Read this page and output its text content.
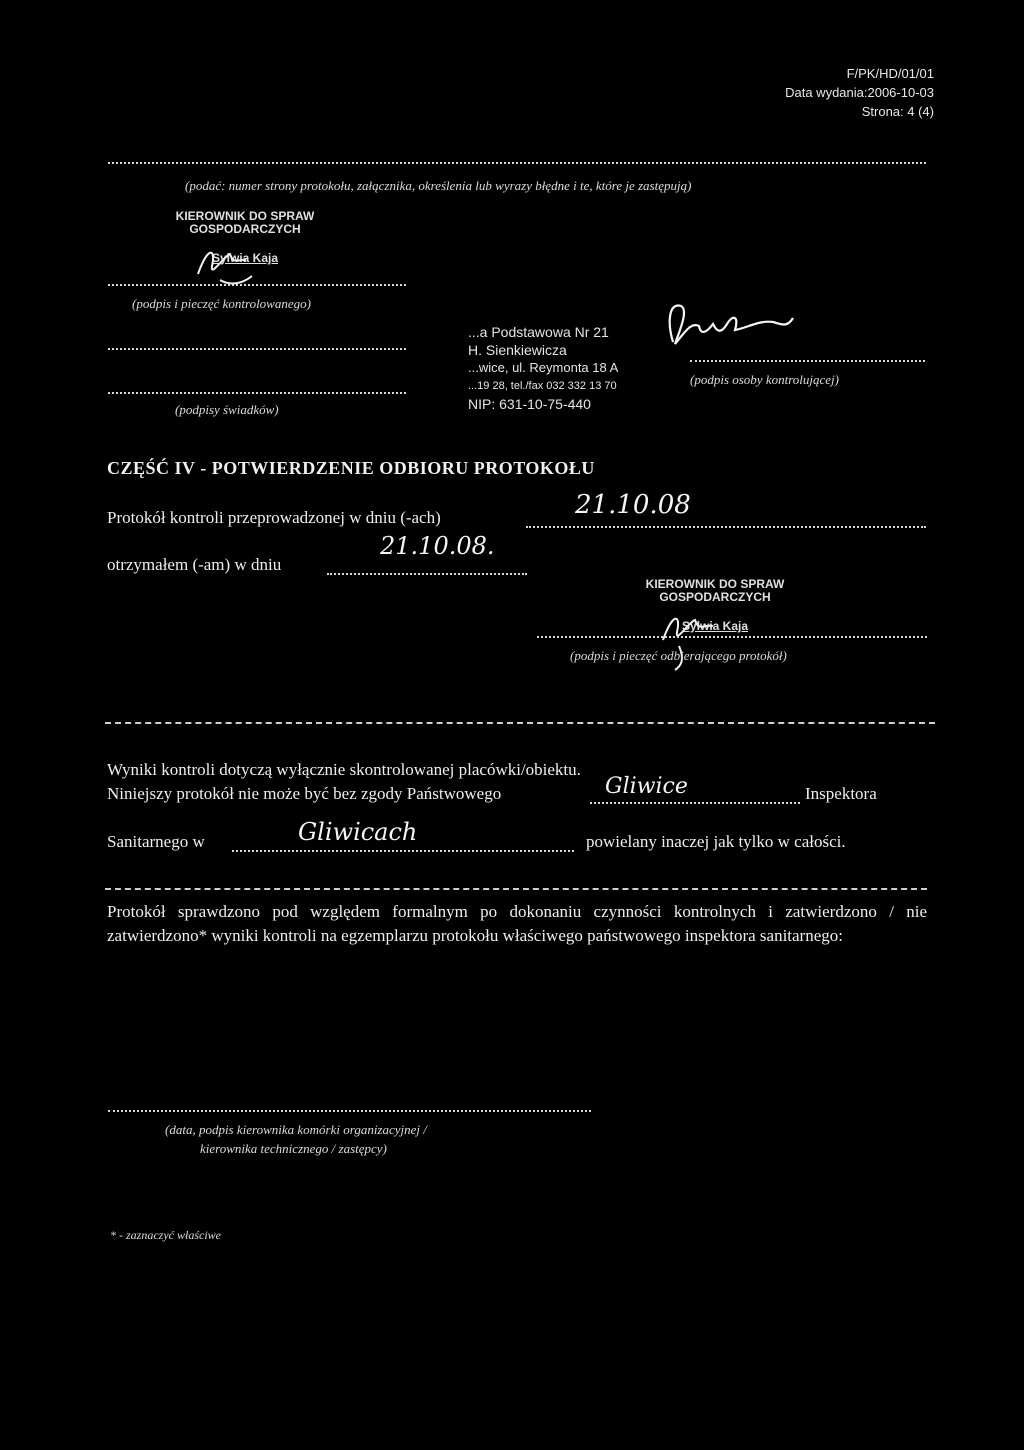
F/PK/HD/01/01
Data wydania:2006-10-03
Strona: 4 (4)
(podać: numer strony protokołu, załącznika, określenia lub wyrazy błędne i te, które je zastępują)
KIEROWNIK DO SPRAW
GOSPODARCZYCH
Sylwia Kaja
(podpis i pieczęć kontrolowanego)
(podpisy świadków)
...a Podstawowa Nr 21
H. Sienkiewicza
...wice, ul. Reymonta 18 A
...19 28, tel./fax 032 332 13 70
NIP: 631-10-75-440
(podpis osoby kontrolującej)
CZĘŚĆ IV - POTWIERDZENIE ODBIORU PROTOKOŁU
Protokół kontroli przeprowadzonej w dniu (-ach)	21.10.08
otrzymałem (-am) w dniu
21.10.08.
KIEROWNIK DO SPRAW
GOSPODARCZYCH
Sylwia Kaja
(podpis i pieczęć odbierającego protokół)
Wyniki kontroli dotyczą wyłącznie skontrolowanej placówki/obiektu.
Niniejszy protokół nie może być bez zgody Państwowego	Gliwice	Inspektora
Sanitarnego w	Gliwicach	powielany inaczej jak tylko w całości.
Protokół sprawdzono pod względem formalnym po dokonaniu czynności kontrolnych i zatwierdzono / nie zatwierdzono* wyniki kontroli na egzemplarzu protokołu właściwego państwowego inspektora sanitarnego:
(data, podpis kierownika komórki organizacyjnej /
kierownika technicznego / zastępcy)
* - zaznaczyć właściwe
